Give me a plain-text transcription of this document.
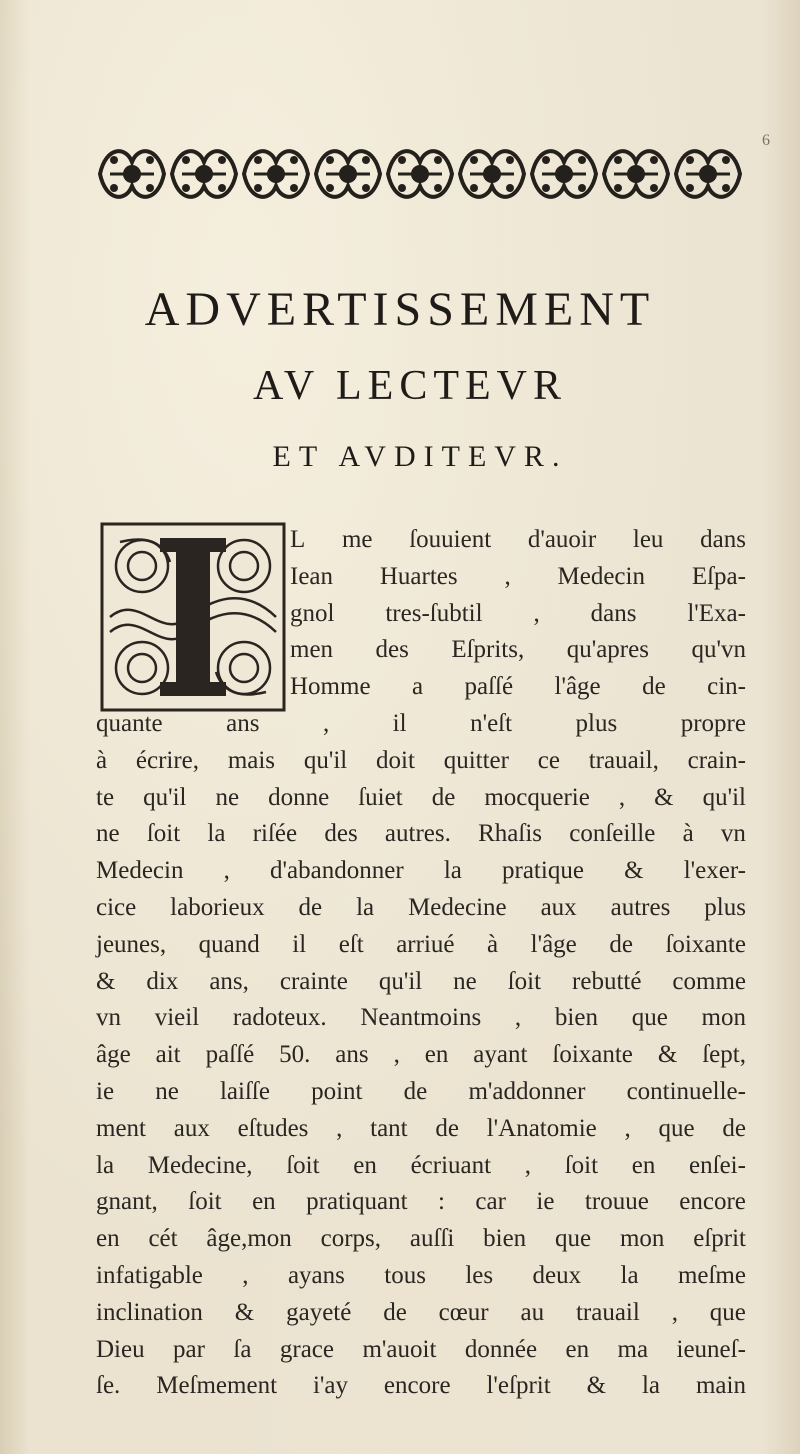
6
ADVERTISSEMENT
AV LECTEVR
ET AVDITEVR.
I
L me ſouuient d'auoir leu dans
Iean Huartes , Medecin Eſpa-
gnol tres-ſubtil , dans l'Exa-
men des Eſprits, qu'apres qu'vn
Homme a paſſé l'âge de cin-
quante	ans	,	il	n'eſt	plus	propre
à écrire, mais qu'il doit quitter ce trauail, crain-
te qu'il ne donne ſuiet de mocquerie , & qu'il
ne ſoit la riſée des autres. Rhaſis conſeille à vn
Medecin , d'abandonner la pratique & l'exer-
cice laborieux de la Medecine aux autres plus
jeunes, quand il eſt arriué à l'âge de ſoixante
& dix ans, crainte qu'il ne ſoit rebutté comme
vn vieil radoteux. Neantmoins , bien que mon
âge ait paſſé 50. ans , en ayant ſoixante & ſept,
ie ne laiſſe point de m'addonner continuelle-
ment aux eſtudes , tant de l'Anatomie , que de
la Medecine, ſoit en écriuant , ſoit en enſei-
gnant, ſoit en pratiquant : car ie trouue encore
en cét âge,mon corps, auſſi bien que mon eſprit
infatigable , ayans tous les deux la meſme
inclination & gayeté de cœur au trauail , que
Dieu par ſa grace m'auoit donnée en ma ieuneſ-
ſe. Meſmement i'ay encore l'eſprit & la main
